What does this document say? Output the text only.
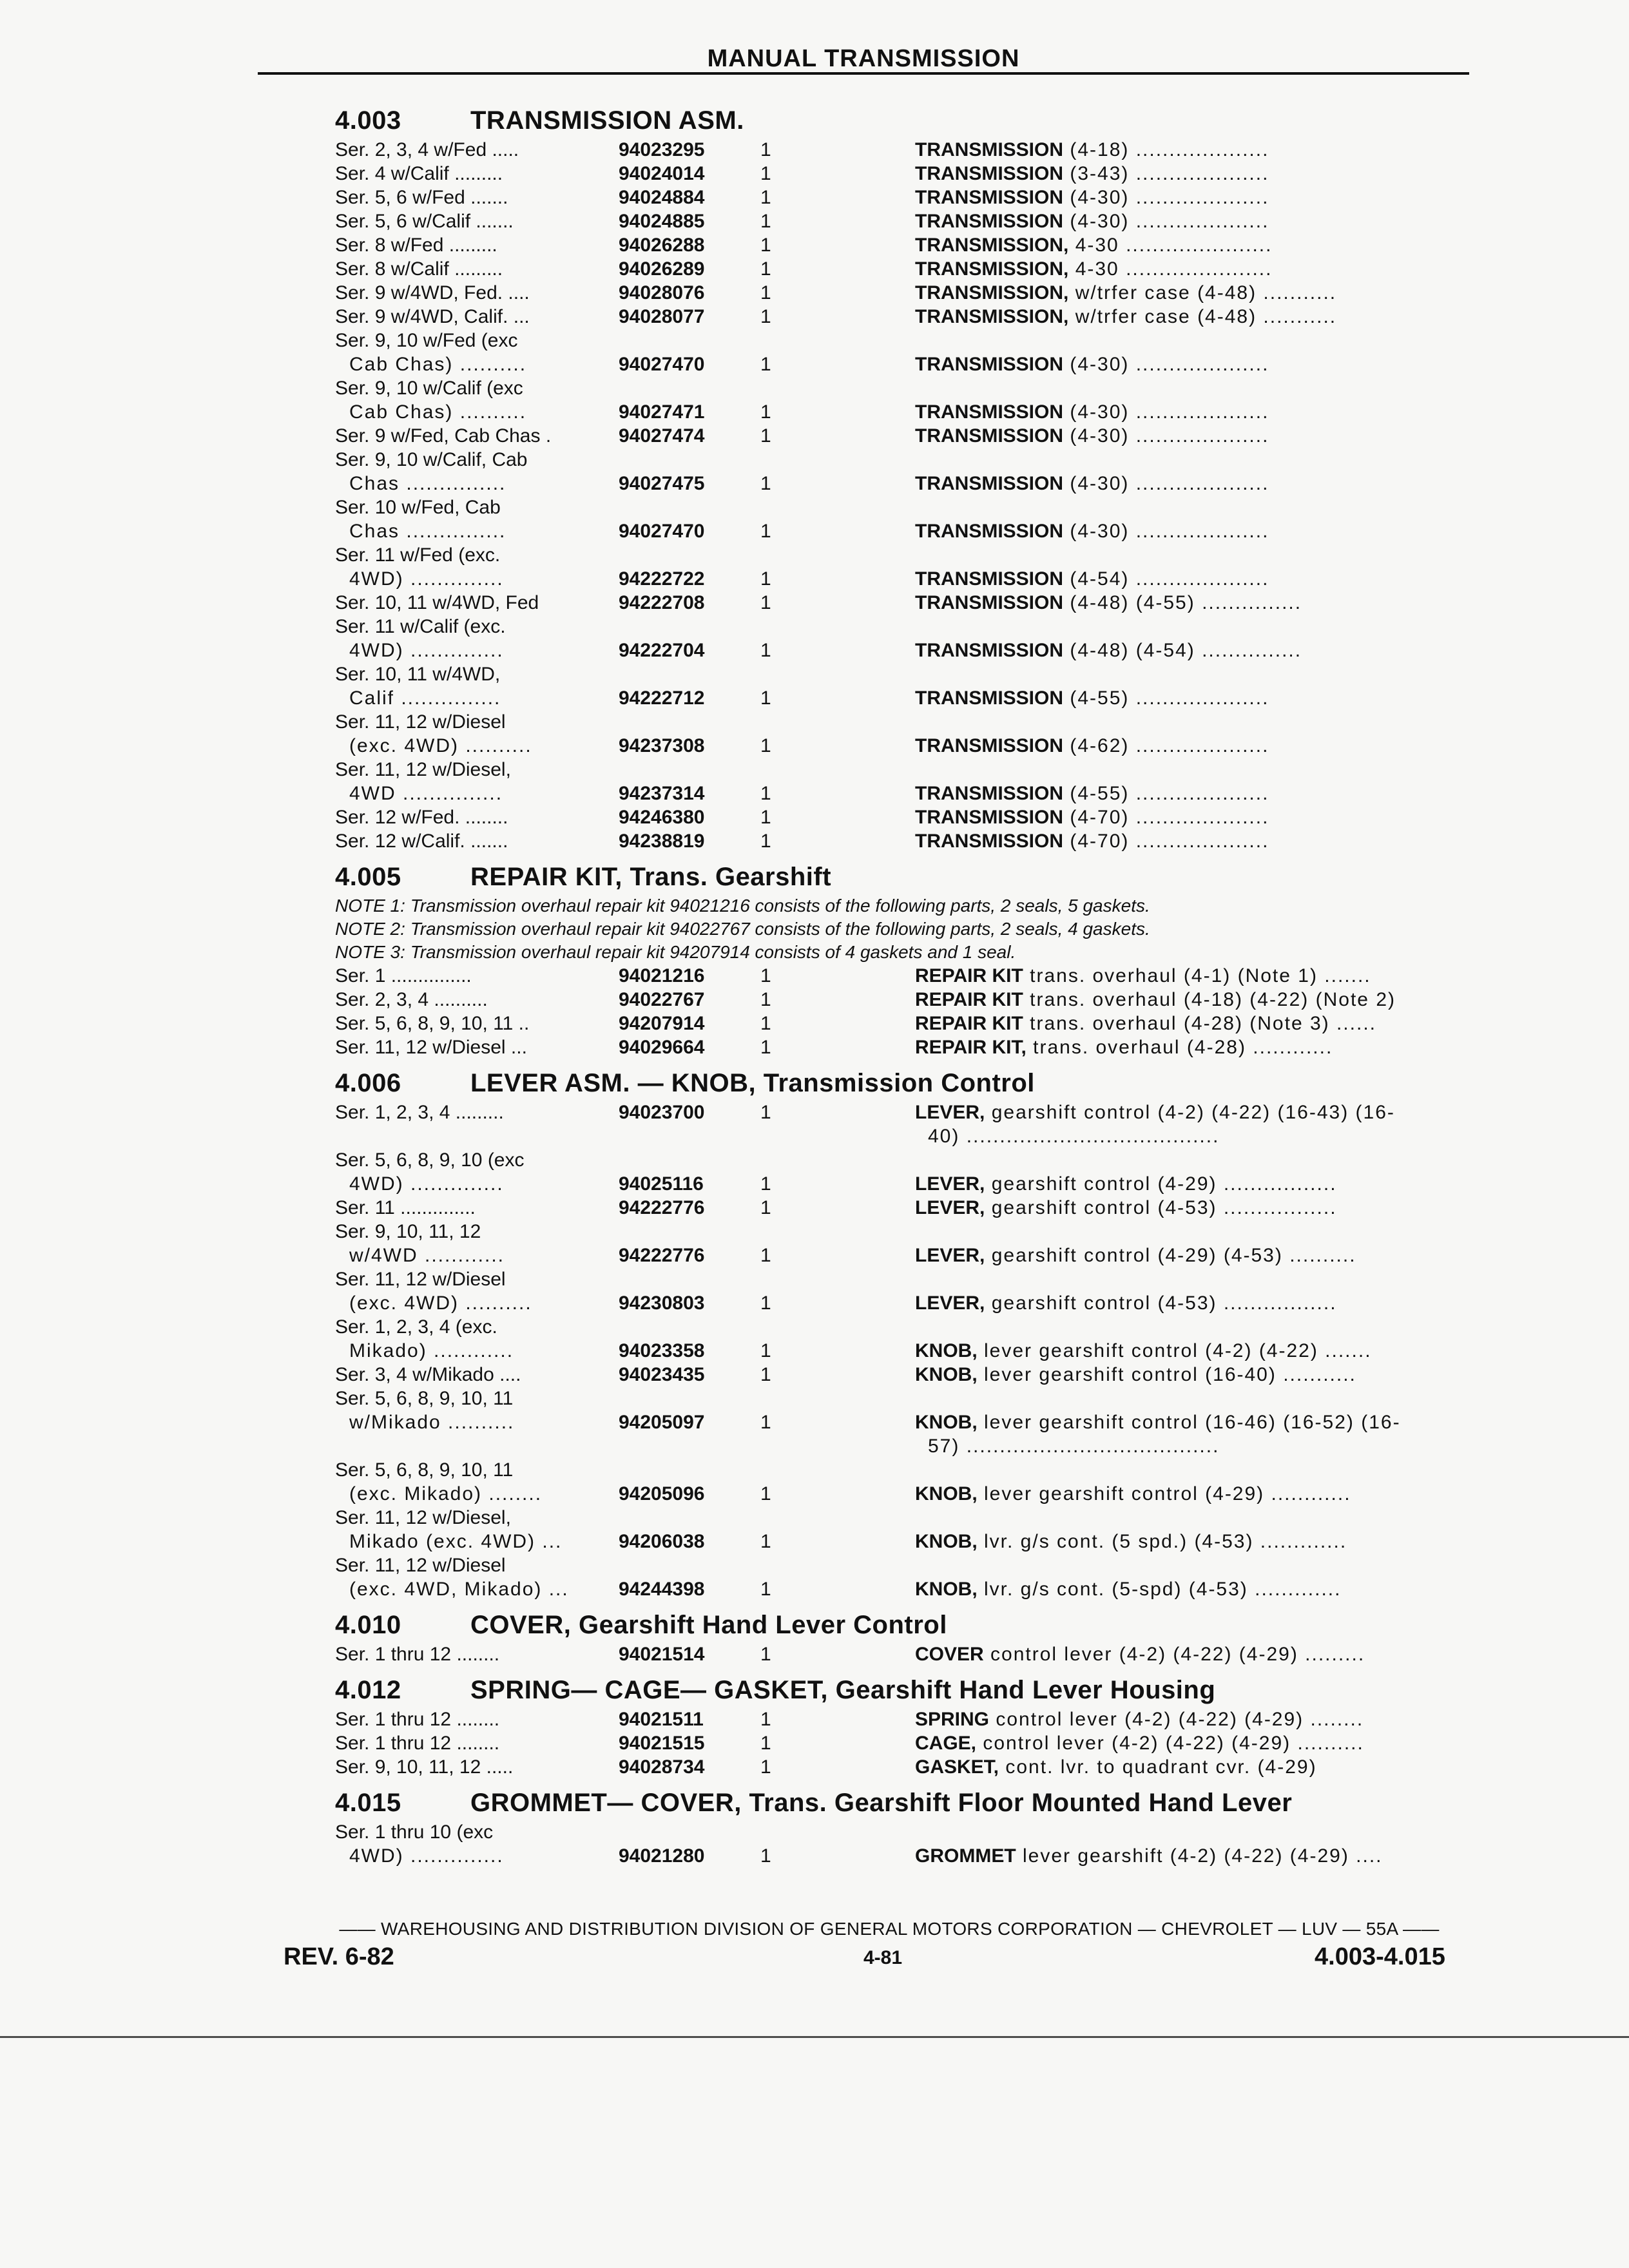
MANUAL TRANSMISSION
4.003	TRANSMISSION ASM.
Ser. 2, 3, 4 w/Fed .....	94023295	1	TRANSMISSION (4-18) ....................
Ser. 4 w/Calif .........	94024014	1	TRANSMISSION (3-43) ....................
Ser. 5, 6 w/Fed .......	94024884	1	TRANSMISSION (4-30) ....................
Ser. 5, 6 w/Calif .......	94024885	1	TRANSMISSION (4-30) ....................
Ser. 8 w/Fed .........	94026288	1	TRANSMISSION, 4-30 ......................
Ser. 8 w/Calif .........	94026289	1	TRANSMISSION, 4-30 ......................
Ser. 9 w/4WD, Fed. ....	94028076	1	TRANSMISSION, w/trfer case (4-48) ...........
Ser. 9 w/4WD, Calif. ...	94028077	1	TRANSMISSION, w/trfer case (4-48) ...........
Ser. 9, 10 w/Fed (exc
Cab Chas) ..........	94027470	1	TRANSMISSION (4-30) ....................
Ser. 9, 10 w/Calif (exc
Cab Chas) ..........	94027471	1	TRANSMISSION (4-30) ....................
Ser. 9 w/Fed, Cab Chas .	94027474	1	TRANSMISSION (4-30) ....................
Ser. 9, 10 w/Calif, Cab
Chas ...............	94027475	1	TRANSMISSION (4-30) ....................
Ser. 10 w/Fed, Cab
Chas ...............	94027470	1	TRANSMISSION (4-30) ....................
Ser. 11 w/Fed (exc.
4WD) ..............	94222722	1	TRANSMISSION (4-54) ....................
Ser. 10, 11 w/4WD, Fed	94222708	1	TRANSMISSION (4-48) (4-55) ...............
Ser. 11 w/Calif (exc.
4WD) ..............	94222704	1	TRANSMISSION (4-48) (4-54) ...............
Ser. 10, 11 w/4WD,
Calif ...............	94222712	1	TRANSMISSION (4-55) ....................
Ser. 11, 12 w/Diesel
(exc. 4WD) ..........	94237308	1	TRANSMISSION (4-62) ....................
Ser. 11, 12 w/Diesel,
4WD ...............	94237314	1	TRANSMISSION (4-55) ....................
Ser. 12 w/Fed. ........	94246380	1	TRANSMISSION (4-70) ....................
Ser. 12 w/Calif. .......	94238819	1	TRANSMISSION (4-70) ....................
4.005	REPAIR KIT, Trans. Gearshift
NOTE 1: Transmission overhaul repair kit 94021216 consists of the following parts, 2 seals, 5 gaskets.
NOTE 2: Transmission overhaul repair kit 94022767 consists of the following parts, 2 seals, 4 gaskets.
NOTE 3: Transmission overhaul repair kit 94207914 consists of 4 gaskets and 1 seal.
Ser. 1 ...............	94021216	1	REPAIR KIT trans. overhaul (4-1) (Note 1) .......
Ser. 2, 3, 4 ..........	94022767	1	REPAIR KIT trans. overhaul (4-18) (4-22) (Note 2)
Ser. 5, 6, 8, 9, 10, 11 ..	94207914	1	REPAIR KIT trans. overhaul (4-28) (Note 3) ......
Ser. 11, 12 w/Diesel ...	94029664	1	REPAIR KIT, trans. overhaul (4-28) ............
4.006	LEVER ASM. — KNOB, Transmission Control
Ser. 1, 2, 3, 4 .........	94023700	1	LEVER, gearshift control (4-2) (4-22) (16-43) (16-
40) ......................................
Ser. 5, 6, 8, 9, 10 (exc
4WD) ..............	94025116	1	LEVER, gearshift control (4-29) .................
Ser. 11 ..............	94222776	1	LEVER, gearshift control (4-53) .................
Ser. 9, 10, 11, 12
w/4WD ............	94222776	1	LEVER, gearshift control (4-29) (4-53) ..........
Ser. 11, 12 w/Diesel
(exc. 4WD) ..........	94230803	1	LEVER, gearshift control (4-53) .................
Ser. 1, 2, 3, 4 (exc.
Mikado) ............	94023358	1	KNOB, lever gearshift control (4-2) (4-22) .......
Ser. 3, 4 w/Mikado ....	94023435	1	KNOB, lever gearshift control (16-40) ...........
Ser. 5, 6, 8, 9, 10, 11
w/Mikado ..........	94205097	1	KNOB, lever gearshift control (16-46) (16-52) (16-
57) ......................................
Ser. 5, 6, 8, 9, 10, 11
(exc. Mikado) ........	94205096	1	KNOB, lever gearshift control (4-29) ............
Ser. 11, 12 w/Diesel,
Mikado (exc. 4WD) ...	94206038	1	KNOB, lvr. g/s cont. (5 spd.) (4-53) .............
Ser. 11, 12 w/Diesel
(exc. 4WD, Mikado) ...	94244398	1	KNOB, lvr. g/s cont. (5-spd) (4-53) .............
4.010	COVER, Gearshift Hand Lever Control
Ser. 1 thru 12 ........	94021514	1	COVER control lever (4-2) (4-22) (4-29) .........
4.012	SPRING— CAGE— GASKET, Gearshift Hand Lever Housing
Ser. 1 thru 12 ........	94021511	1	SPRING control lever (4-2) (4-22) (4-29) ........
Ser. 1 thru 12 ........	94021515	1	CAGE, control lever (4-2) (4-22) (4-29) ..........
Ser. 9, 10, 11, 12 .....	94028734	1	GASKET, cont. lvr. to quadrant cvr. (4-29)
4.015	GROMMET— COVER, Trans. Gearshift Floor Mounted Hand Lever
Ser. 1 thru 10 (exc
4WD) ..............	94021280	1	GROMMET lever gearshift (4-2) (4-22) (4-29) ....
—— WAREHOUSING AND DISTRIBUTION DIVISION OF GENERAL MOTORS CORPORATION — CHEVROLET — LUV — 55A ——
REV. 6-82	4-81	4.003-4.015
